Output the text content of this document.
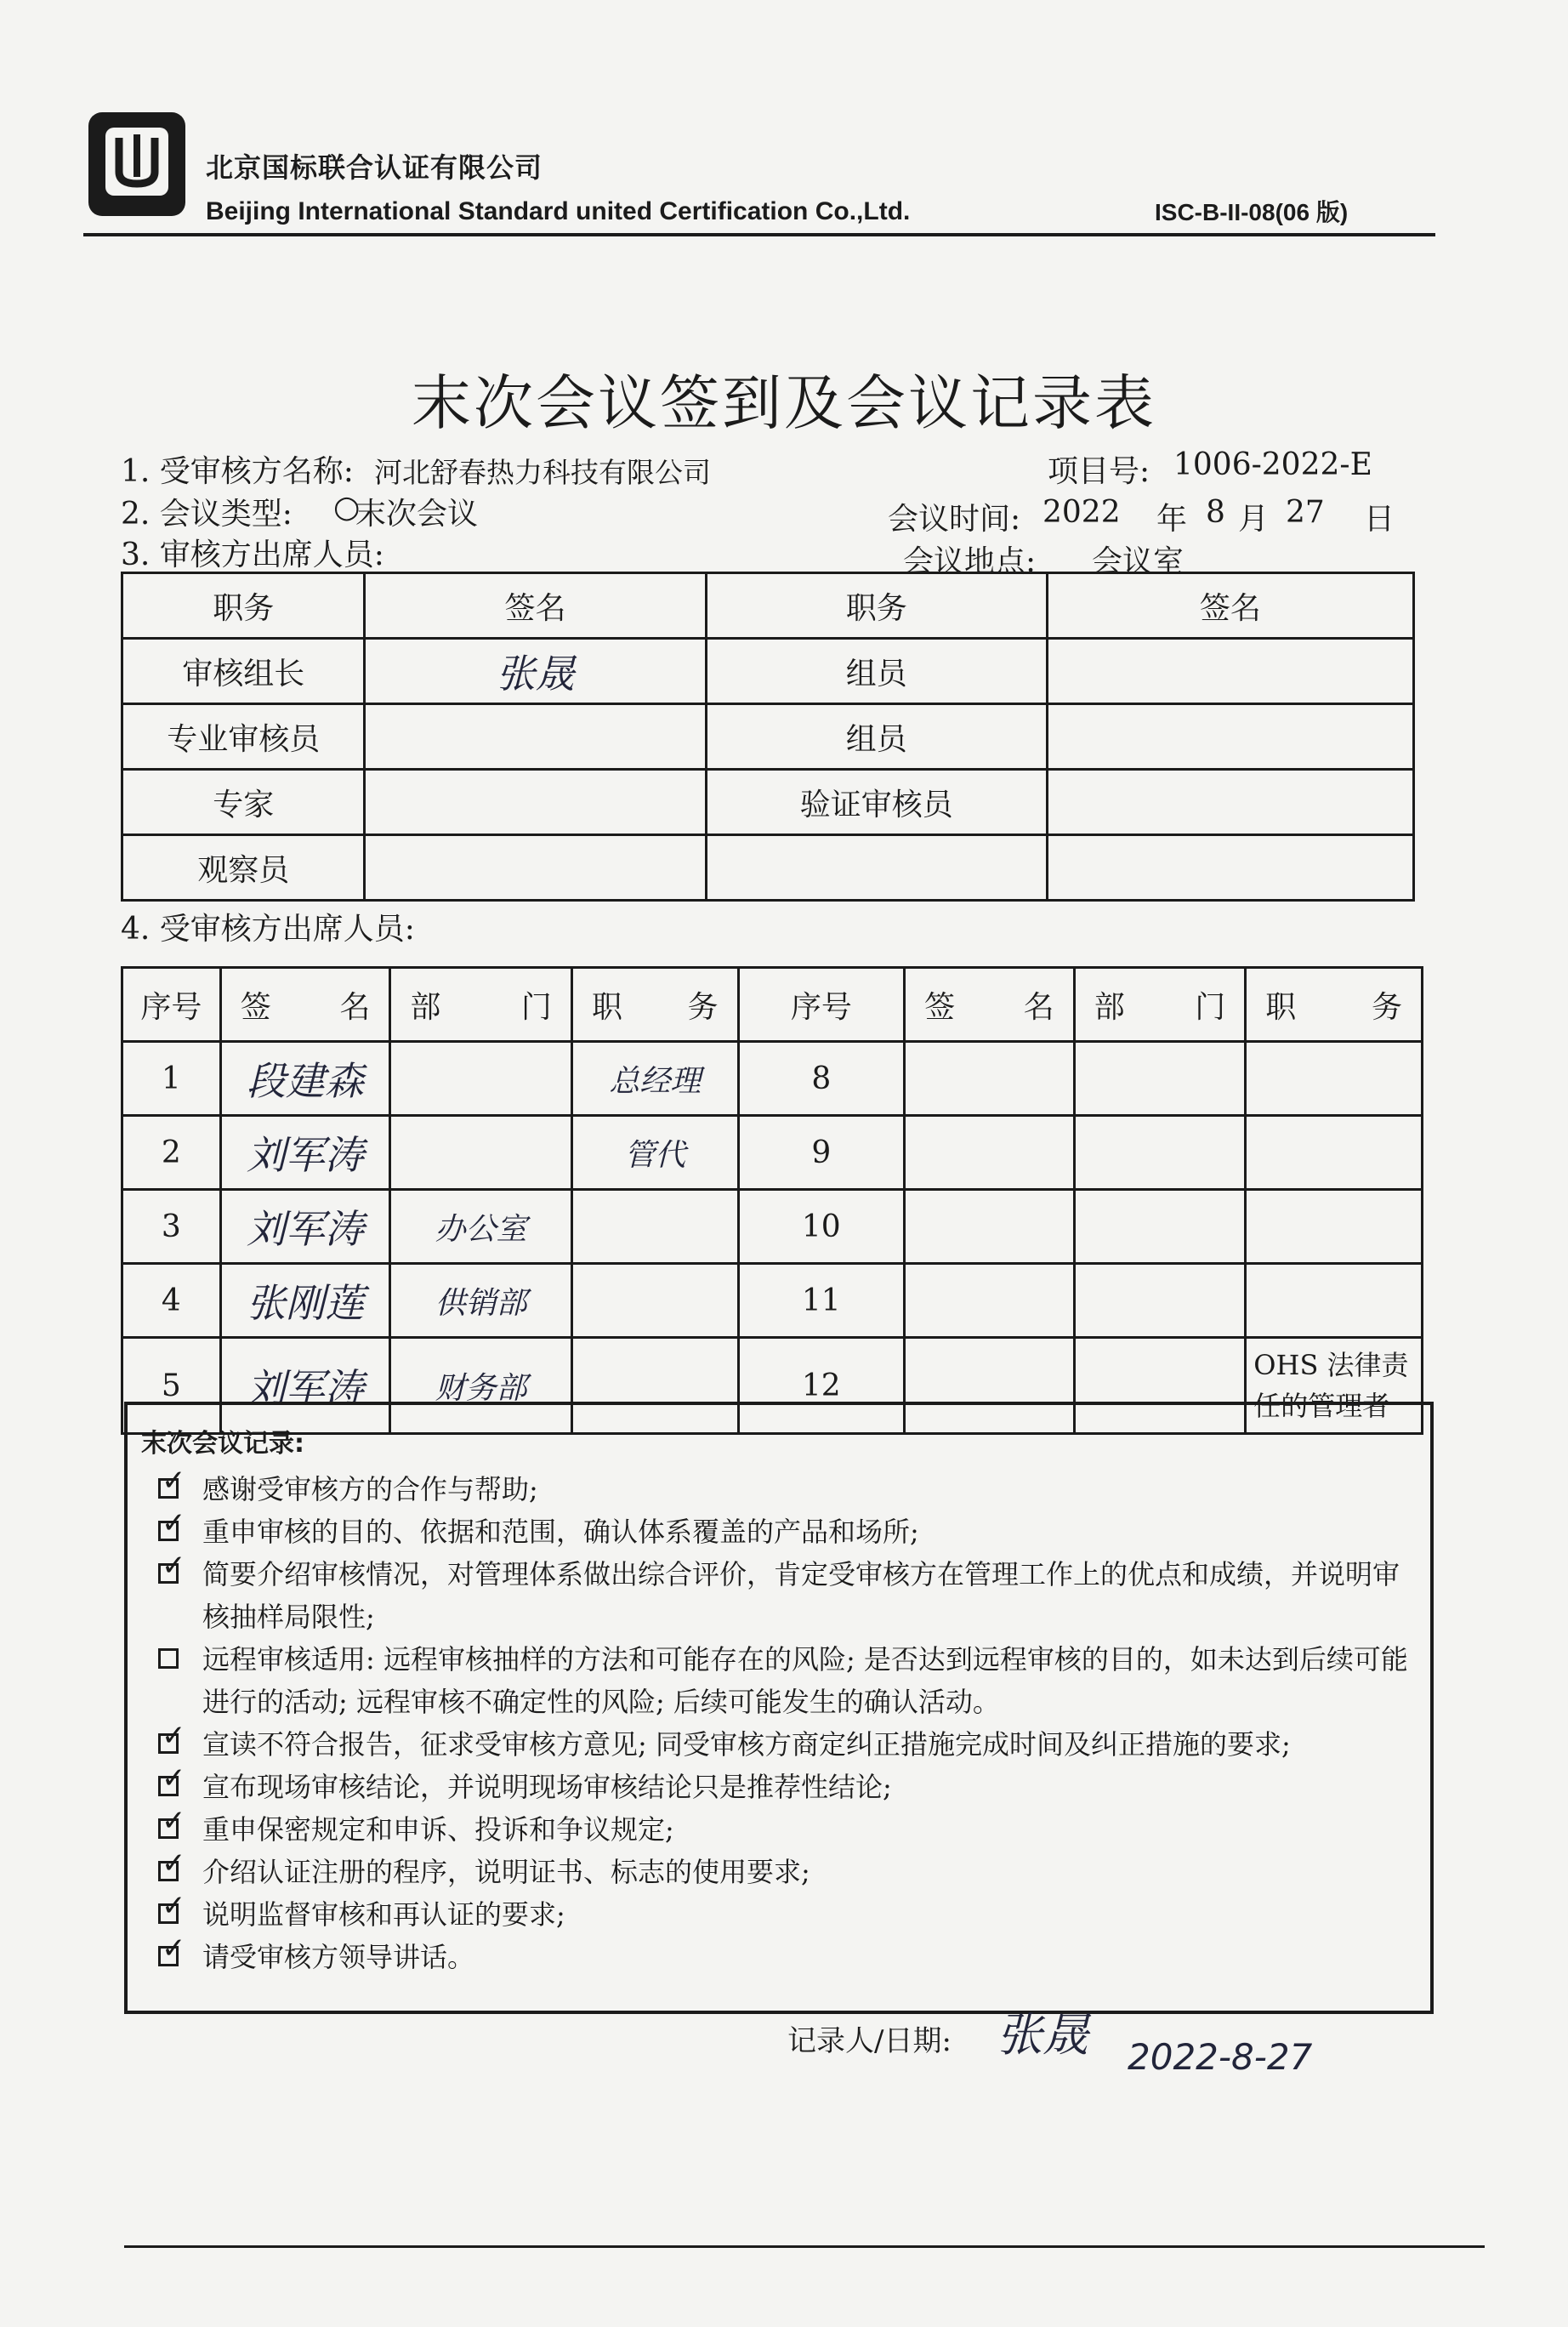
北京国标联合认证有限公司
Beijing International Standard united Certification Co.,Ltd.	ISC-B-II-08(06 版)
末次会议签到及会议记录表
1. 受审核方名称: 河北舒春热力科技有限公司	项目号: 1006-2022-E
2. 会议类型: ○
末次会议	会议时间: 2022 年 8 月 27 日
3. 审核方出席人员:	会议地点: 会议室
职务	签名	职务	签名
审核组长	张晟	组员	
专业审核员		组员	
专家		验证审核员	
观察员			
4. 受审核方出席人员:
序号	签名	部门	职务	序号	签名	部门	职务
1	段建森		总经理	8			
2	刘军涛		管代	9			
3	刘军涛	办公室		10			
4	张刚莲	供销部		11			
5	刘军涛	财务部		12			OHS 法律责任的管理者
末次会议记录:
✓ 感谢受审核方的合作与帮助;
✓ 重申审核的目的、依据和范围，确认体系覆盖的产品和场所;
✓ 简要介绍审核情况，对管理体系做出综合评价，肯定受审核方在管理工作上的优点和成绩，并说明审核抽样局限性;
远程审核适用: 远程审核抽样的方法和可能存在的风险; 是否达到远程审核的目的，如未达到后续可能进行的活动; 远程审核不确定性的风险; 后续可能发生的确认活动。
✓ 宣读不符合报告，征求受审核方意见; 同受审核方商定纠正措施完成时间及纠正措施的要求;
✓ 宣布现场审核结论，并说明现场审核结论只是推荐性结论;
✓ 重申保密规定和申诉、投诉和争议规定;
✓ 介绍认证注册的程序，说明证书、标志的使用要求;
✓ 说明监督审核和再认证的要求;
✓ 请受审核方领导讲话。
记录人/日期: 张晟 2022-8-27
